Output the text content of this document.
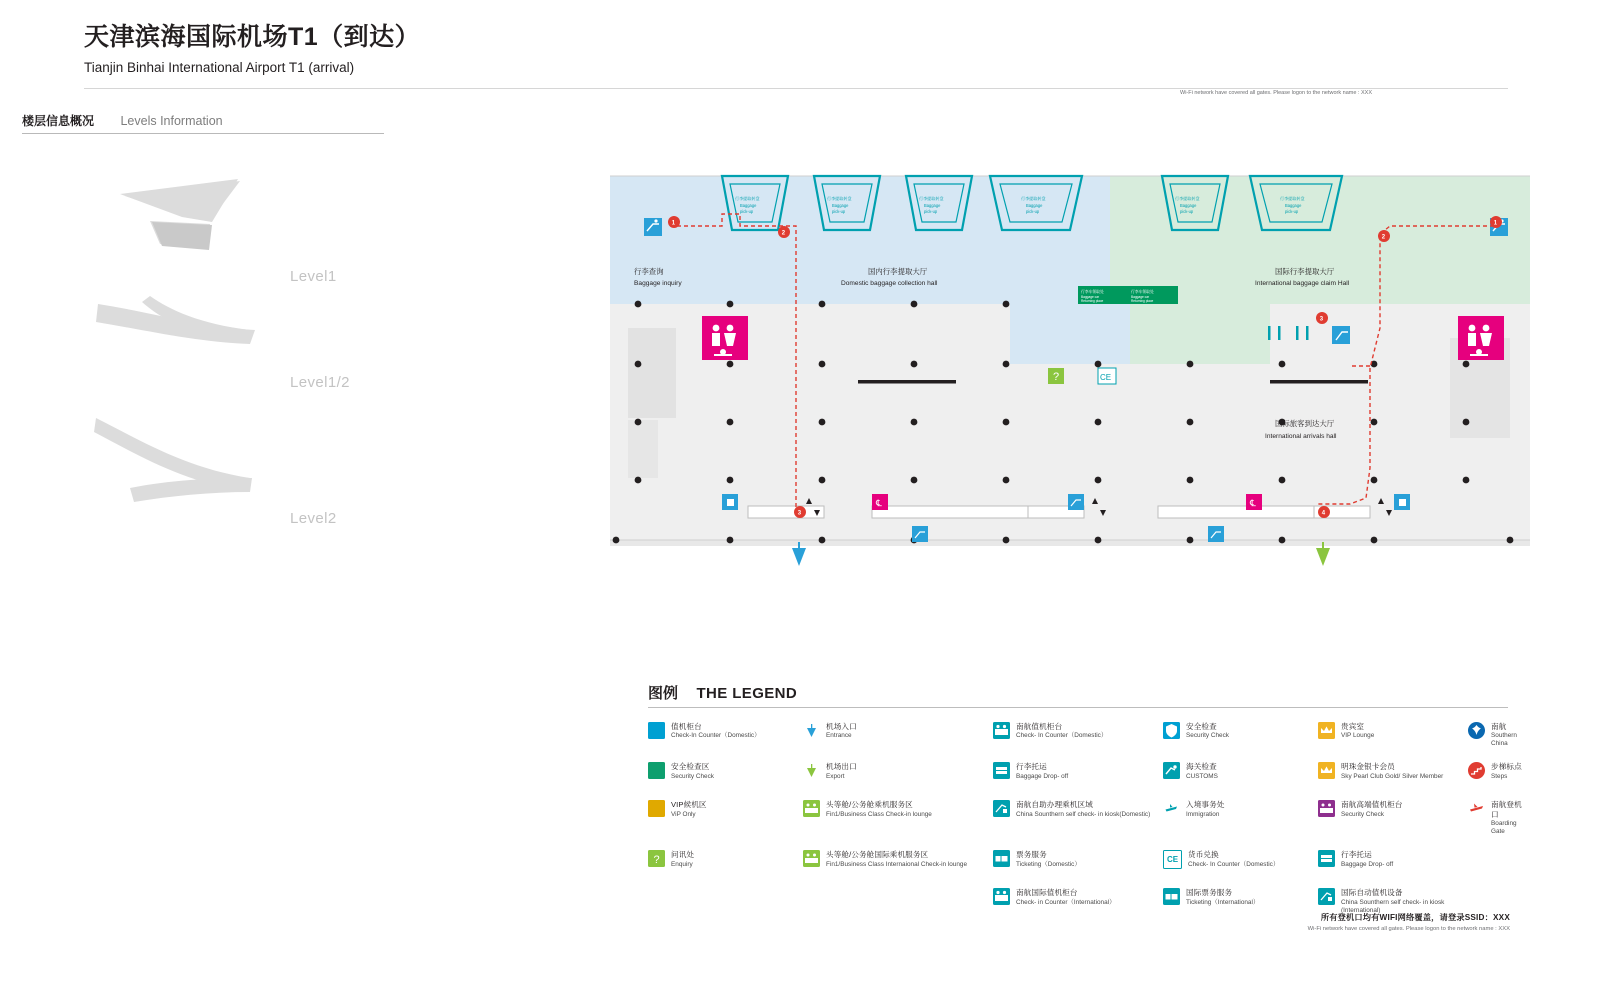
天津滨海国际机场T1（到达）

Tianjin Binhai International Airport T1 (arrival)

Wi-Fi network have covered all gates. Please logon to the network name : XXX
楼层信息概况 Levels Information
Level1
Level1/2
Level2
行李提取转盘
Baggage
pick-up
行李提取转盘
Baggage
pick-up
行李提取转盘
Baggage
pick-up
行李提取转盘
Baggage
pick-up
行李提取转盘
Baggage
pick-up
行李提取转盘
Baggage
pick-up
行李查询
Baggage inquiry
国内行李提取大厅
Domestic baggage collection hall
国际行李提取大厅
International baggage claim Hall
国际旅客到达大厅
International arrivals hall
行李车领取处
Baggage car
Returning place
行李车领取处
Baggage car
Returning place
?	CE
℄	℄
1
2
3
1
2
3
4
图例 THE LEGEND
值机柜台
Check-In Counter（Domestic）
机场入口
Entrance
南航值机柜台
Check- In Counter（Domestic）
安全检查
Security Check
贵宾室
VIP Lounge
南航
Southern China
安全检查区
Security Check
机场出口
Export
行李托运
Baggage Drop- off
海关检查
CUSTOMS
明珠金银卡会员
Sky Pearl Club Gold/ Silver Member
步梯标点
Steps
VIP候机区
ViP Only
头等舱/公务舱乘机服务区
Fin1/Business Class Check-in lounge
南航自助办理乘机区域
China Sounthern self check- in kiosk(Domestic)
入境事务处
Immigration
南航高端值机柜台
Security Check
南航登机口
Boarding Gate
? 问讯处
Enquiry
头等舱/公务舱国际乘机服务区
Fin1/Business Class Internaional Check-in lounge
票务服务
Ticketing（Domestic）
CE	货币兑换
Check- In Counter（Domestic）
行李托运
Baggage Drop- off
南航国际值机柜台
Check- in Counter（International）
国际票务服务
Ticketing（International）
国际自动值机设备
China Sounthern self check- in kiosk (International)
所有登机口均有WIFI网络覆盖，请登录SSID：XXX
Wi-Fi network have covered all gates. Please logon to the network name : XXX
